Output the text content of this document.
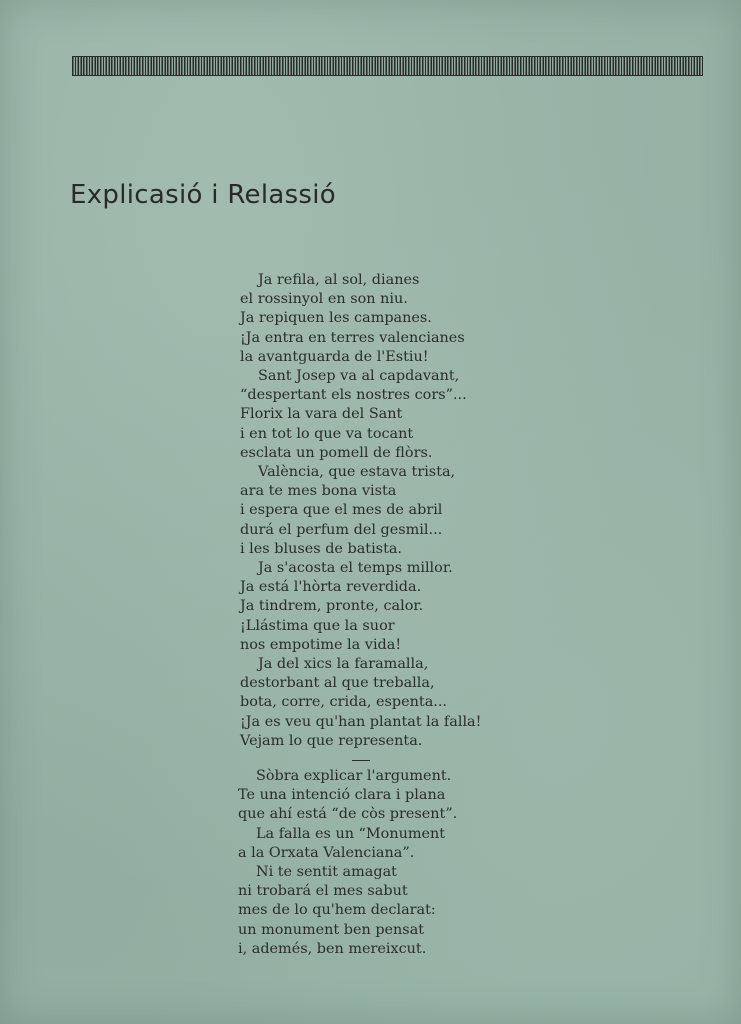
Explicasió i Relassió
Ja refila, al sol, dianes
el rossinyol en son niu.
Ja repiquen les campanes.
¡Ja entra en terres valencianes
la avantguarda de l'Estiu!
Sant Josep va al capdavant,
“despertant els nostres cors”...
Florix la vara del Sant
i en tot lo que va tocant
esclata un pomell de flòrs.
València, que estava trista,
ara te mes bona vista
i espera que el mes de abril
durá el perfum del gesmil...
i les bluses de batista.
Ja s'acosta el temps millor.
Ja está l'hòrta reverdida.
Ja tindrem, pronte, calor.
¡Llástima que la suor
nos empotime la vida!
Ja del xics la faramalla,
destorbant al que treballa,
bota, corre, crida, espenta...
¡Ja es veu qu'han plantat la falla!
Vejam lo que representa.
Sòbra explicar l'argument.
Te una intenció clara i plana
que ahí está “de còs present”.
La falla es un “Monument
a la Orxata Valenciana”.
Ni te sentit amagat
ni trobará el mes sabut
mes de lo qu'hem declarat:
un monument ben pensat
i, ademés, ben mereixcut.
